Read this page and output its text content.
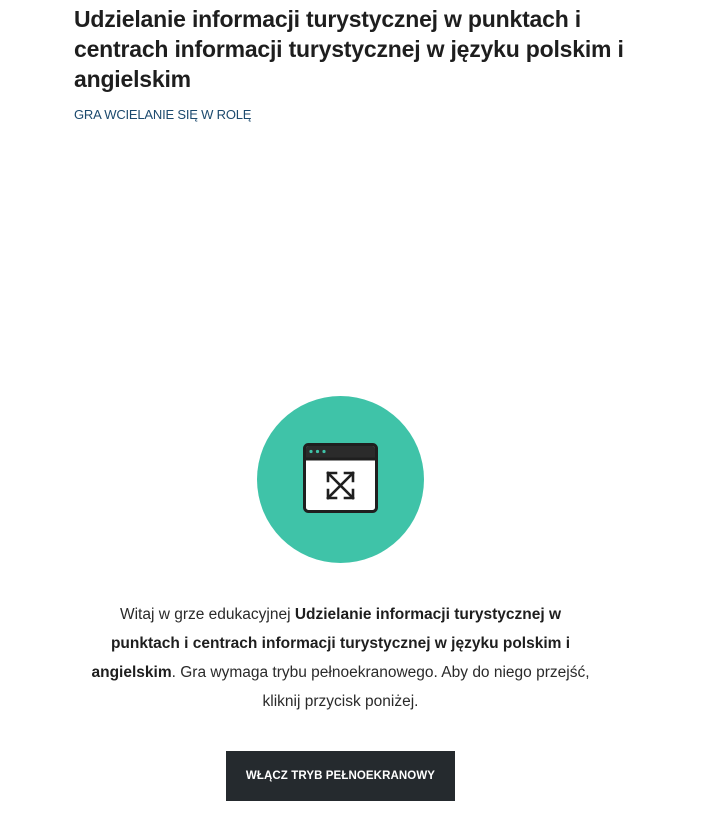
Udzielanie informacji turystycznej w punktach i centrach informacji turystycznej w języku polskim i angielskim
GRA WCIELANIE SIĘ W ROLĘ
Witaj w grze edukacyjnej Udzielanie informacji turystycznej w punktach i centrach informacji turystycznej w języku polskim i angielskim. Gra wymaga trybu pełnoekranowego. Aby do niego przejść, kliknij przycisk poniżej.
WŁĄCZ TRYB PEŁNOEKRANOWY
